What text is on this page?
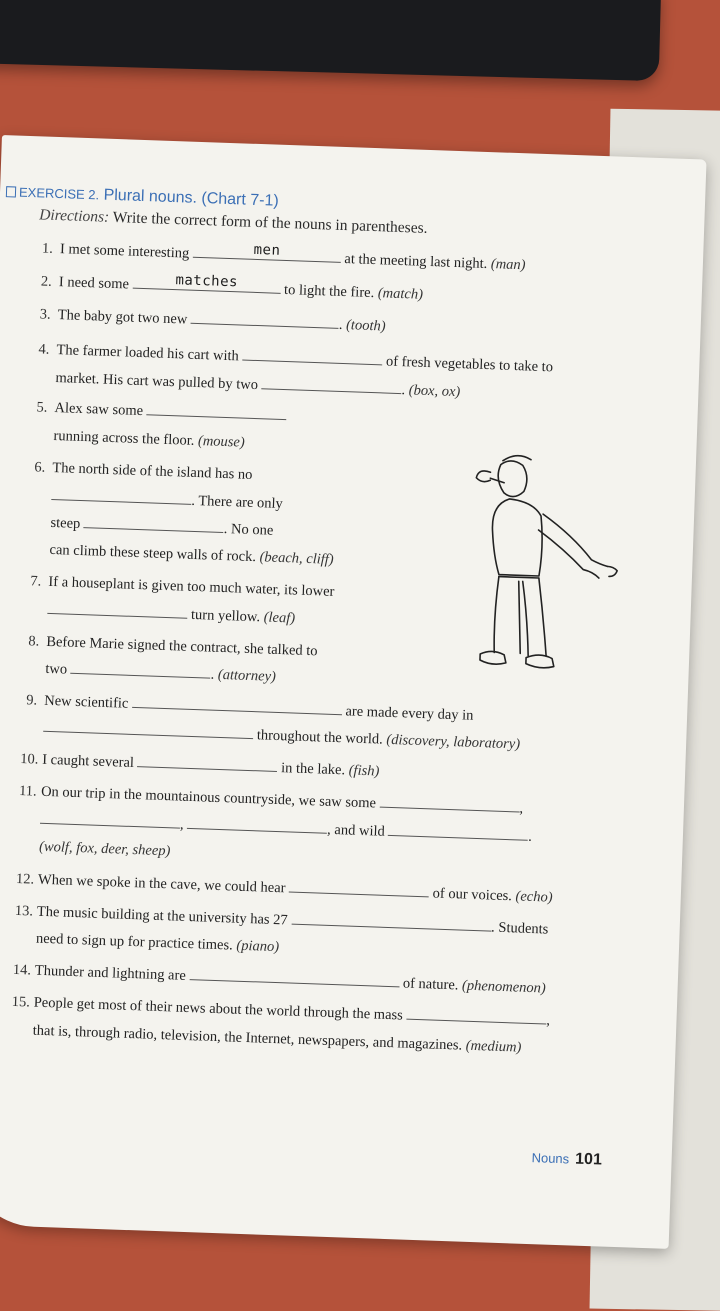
EXERCISE 2. Plural nouns. (Chart 7-1)
Directions: Write the correct form of the nouns in parentheses.
1. I met some interesting	men
at the meeting last night. (man)
2. I need some	matches
to light the fire. (match)
3. The baby got two new	. (tooth)
4. The farmer loaded his cart with  of fresh vegetables to take to
market. His cart was pulled by two	. (box, ox)
5. Alex saw some
running across the floor. (mouse)
6. The north side of the island has no
. There are only
steep	. No one
can climb these steep walls of rock. (beach, cliff)
7. If a houseplant is given too much water, its lower
turn yellow. (leaf)
8. Before Marie signed the contract, she talked to
two	. (attorney)
9. New scientific  are made every day in
throughout the world. (discovery, laboratory)
10. I caught several	in the lake. (fish)
11. On our trip in the mountainous countryside, we saw some	,
,	, and wild	.
(wolf, fox, deer, sheep)
12. When we spoke in the cave, we could hear	of our voices. (echo)
13. The music building at the university has 27 . Students
need to sign up for practice times. (piano)
14. Thunder and lightning are  of nature. (phenomenon)
15. People get most of their news about the world through the mass	,
that is, through radio, television, the Internet, newspapers, and magazines. (medium)
Nouns 101
